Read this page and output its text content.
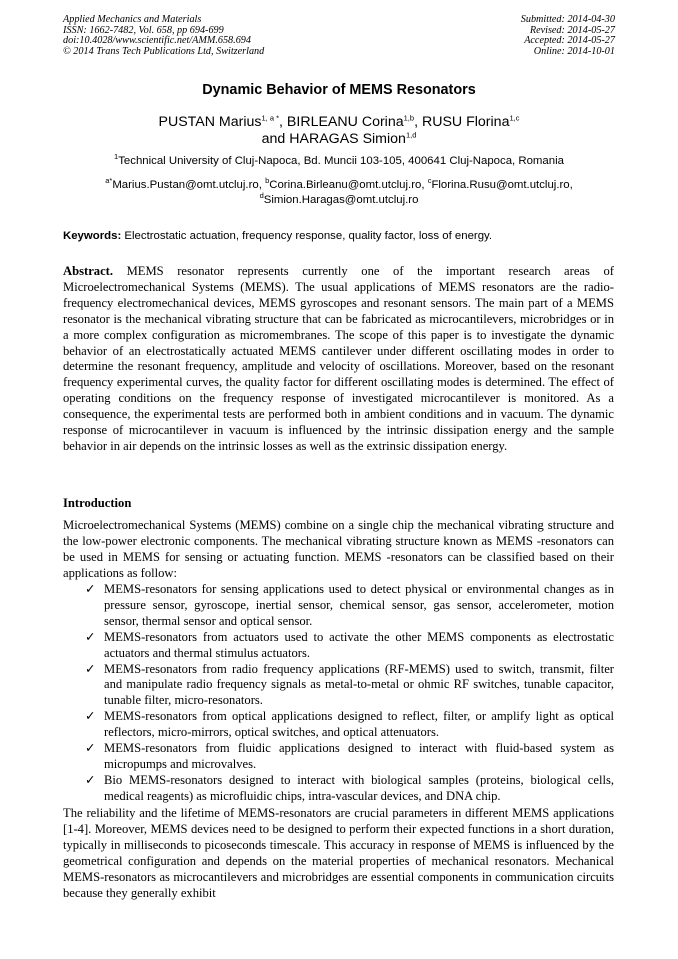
Applied Mechanics and Materials
ISSN: 1662-7482, Vol. 658, pp 694-699
doi:10.4028/www.scientific.net/AMM.658.694
© 2014 Trans Tech Publications Ltd, Switzerland
Submitted: 2014-04-30
Revised: 2014-05-27
Accepted: 2014-05-27
Online: 2014-10-01
Dynamic Behavior of MEMS Resonators
PUSTAN Marius$^{1, a *}$, BIRLEANU Corina$^{1,b}$, RUSU Florina$^{1,c}$
and HARAGAS Simion$^{1,d}$
$^1$Technical University of Cluj-Napoca, Bd. Muncii 103-105, 400641 Cluj-Napoca, Romania
$^{a*}$Marius.Pustan@omt.utcluj.ro, $^b$Corina.Birleanu@omt.utcluj.ro, $^c$Florina.Rusu@omt.utcluj.ro,
$^d$Simion.Haragas@omt.utcluj.ro
Keywords: Electrostatic actuation, frequency response, quality factor, loss of energy.
Abstract. MEMS resonator represents currently one of the important research areas of Microelectromechanical Systems (MEMS). The usual applications of MEMS resonators are the radio-frequency electromechanical devices, MEMS gyroscopes and resonant sensors. The main part of a MEMS resonator is the mechanical vibrating structure that can be fabricated as microcantilevers, microbridges or in a more complex configuration as micromembranes. The scope of this paper is to investigate the dynamic behavior of an electrostatically actuated MEMS cantilever under different oscillating modes in order to determine the resonant frequency, amplitude and velocity of oscillations. Moreover, based on the resonant frequency experimental curves, the quality factor for different oscillating modes is determined. The effect of operating conditions on the frequency response of investigated microcantilever is monitored. As a consequence, the experimental tests are performed both in ambient conditions and in vacuum. The dynamic response of microcantilever in vacuum is influenced by the intrinsic dissipation energy and the sample behavior in air depends on the intrinsic losses as well as the extrinsic dissipation energy.
Introduction
Microelectromechanical Systems (MEMS) combine on a single chip the mechanical vibrating structure and the low-power electronic components. The mechanical vibrating structure known as MEMS -resonators can be used in MEMS for sensing or actuating function. MEMS -resonators can be classified based on their applications as follow:
✓ MEMS-resonators for sensing applications used to detect physical or environmental changes as in pressure sensor, gyroscope, inertial sensor, chemical sensor, gas sensor, accelerometer, motion sensor, thermal sensor and optical sensor.
✓ MEMS-resonators from actuators used to activate the other MEMS components as electrostatic actuators and thermal stimulus actuators.
✓ MEMS-resonators from radio frequency applications (RF-MEMS) used to switch, transmit, filter and manipulate radio frequency signals as metal-to-metal or ohmic RF switches, tunable capacitor, tunable filter, micro-resonators.
✓ MEMS-resonators from optical applications designed to reflect, filter, or amplify light as optical reflectors, micro-mirrors, optical switches, and optical attenuators.
✓ MEMS-resonators from fluidic applications designed to interact with fluid-based system as micropumps and microvalves.
✓ Bio MEMS-resonators designed to interact with biological samples (proteins, biological cells, medical reagents) as microfluidic chips, intra-vascular devices, and DNA chip.
The reliability and the lifetime of MEMS-resonators are crucial parameters in different MEMS applications [1-4]. Moreover, MEMS devices need to be designed to perform their expected functions in a short duration, typically in milliseconds to picoseconds timescale. This accuracy in response of MEMS is influenced by the geometrical configuration and depends on the material properties of mechanical resonators. Mechanical MEMS-resonators as microcantilevers and microbridges are essential components in communication circuits because they generally exhibit
